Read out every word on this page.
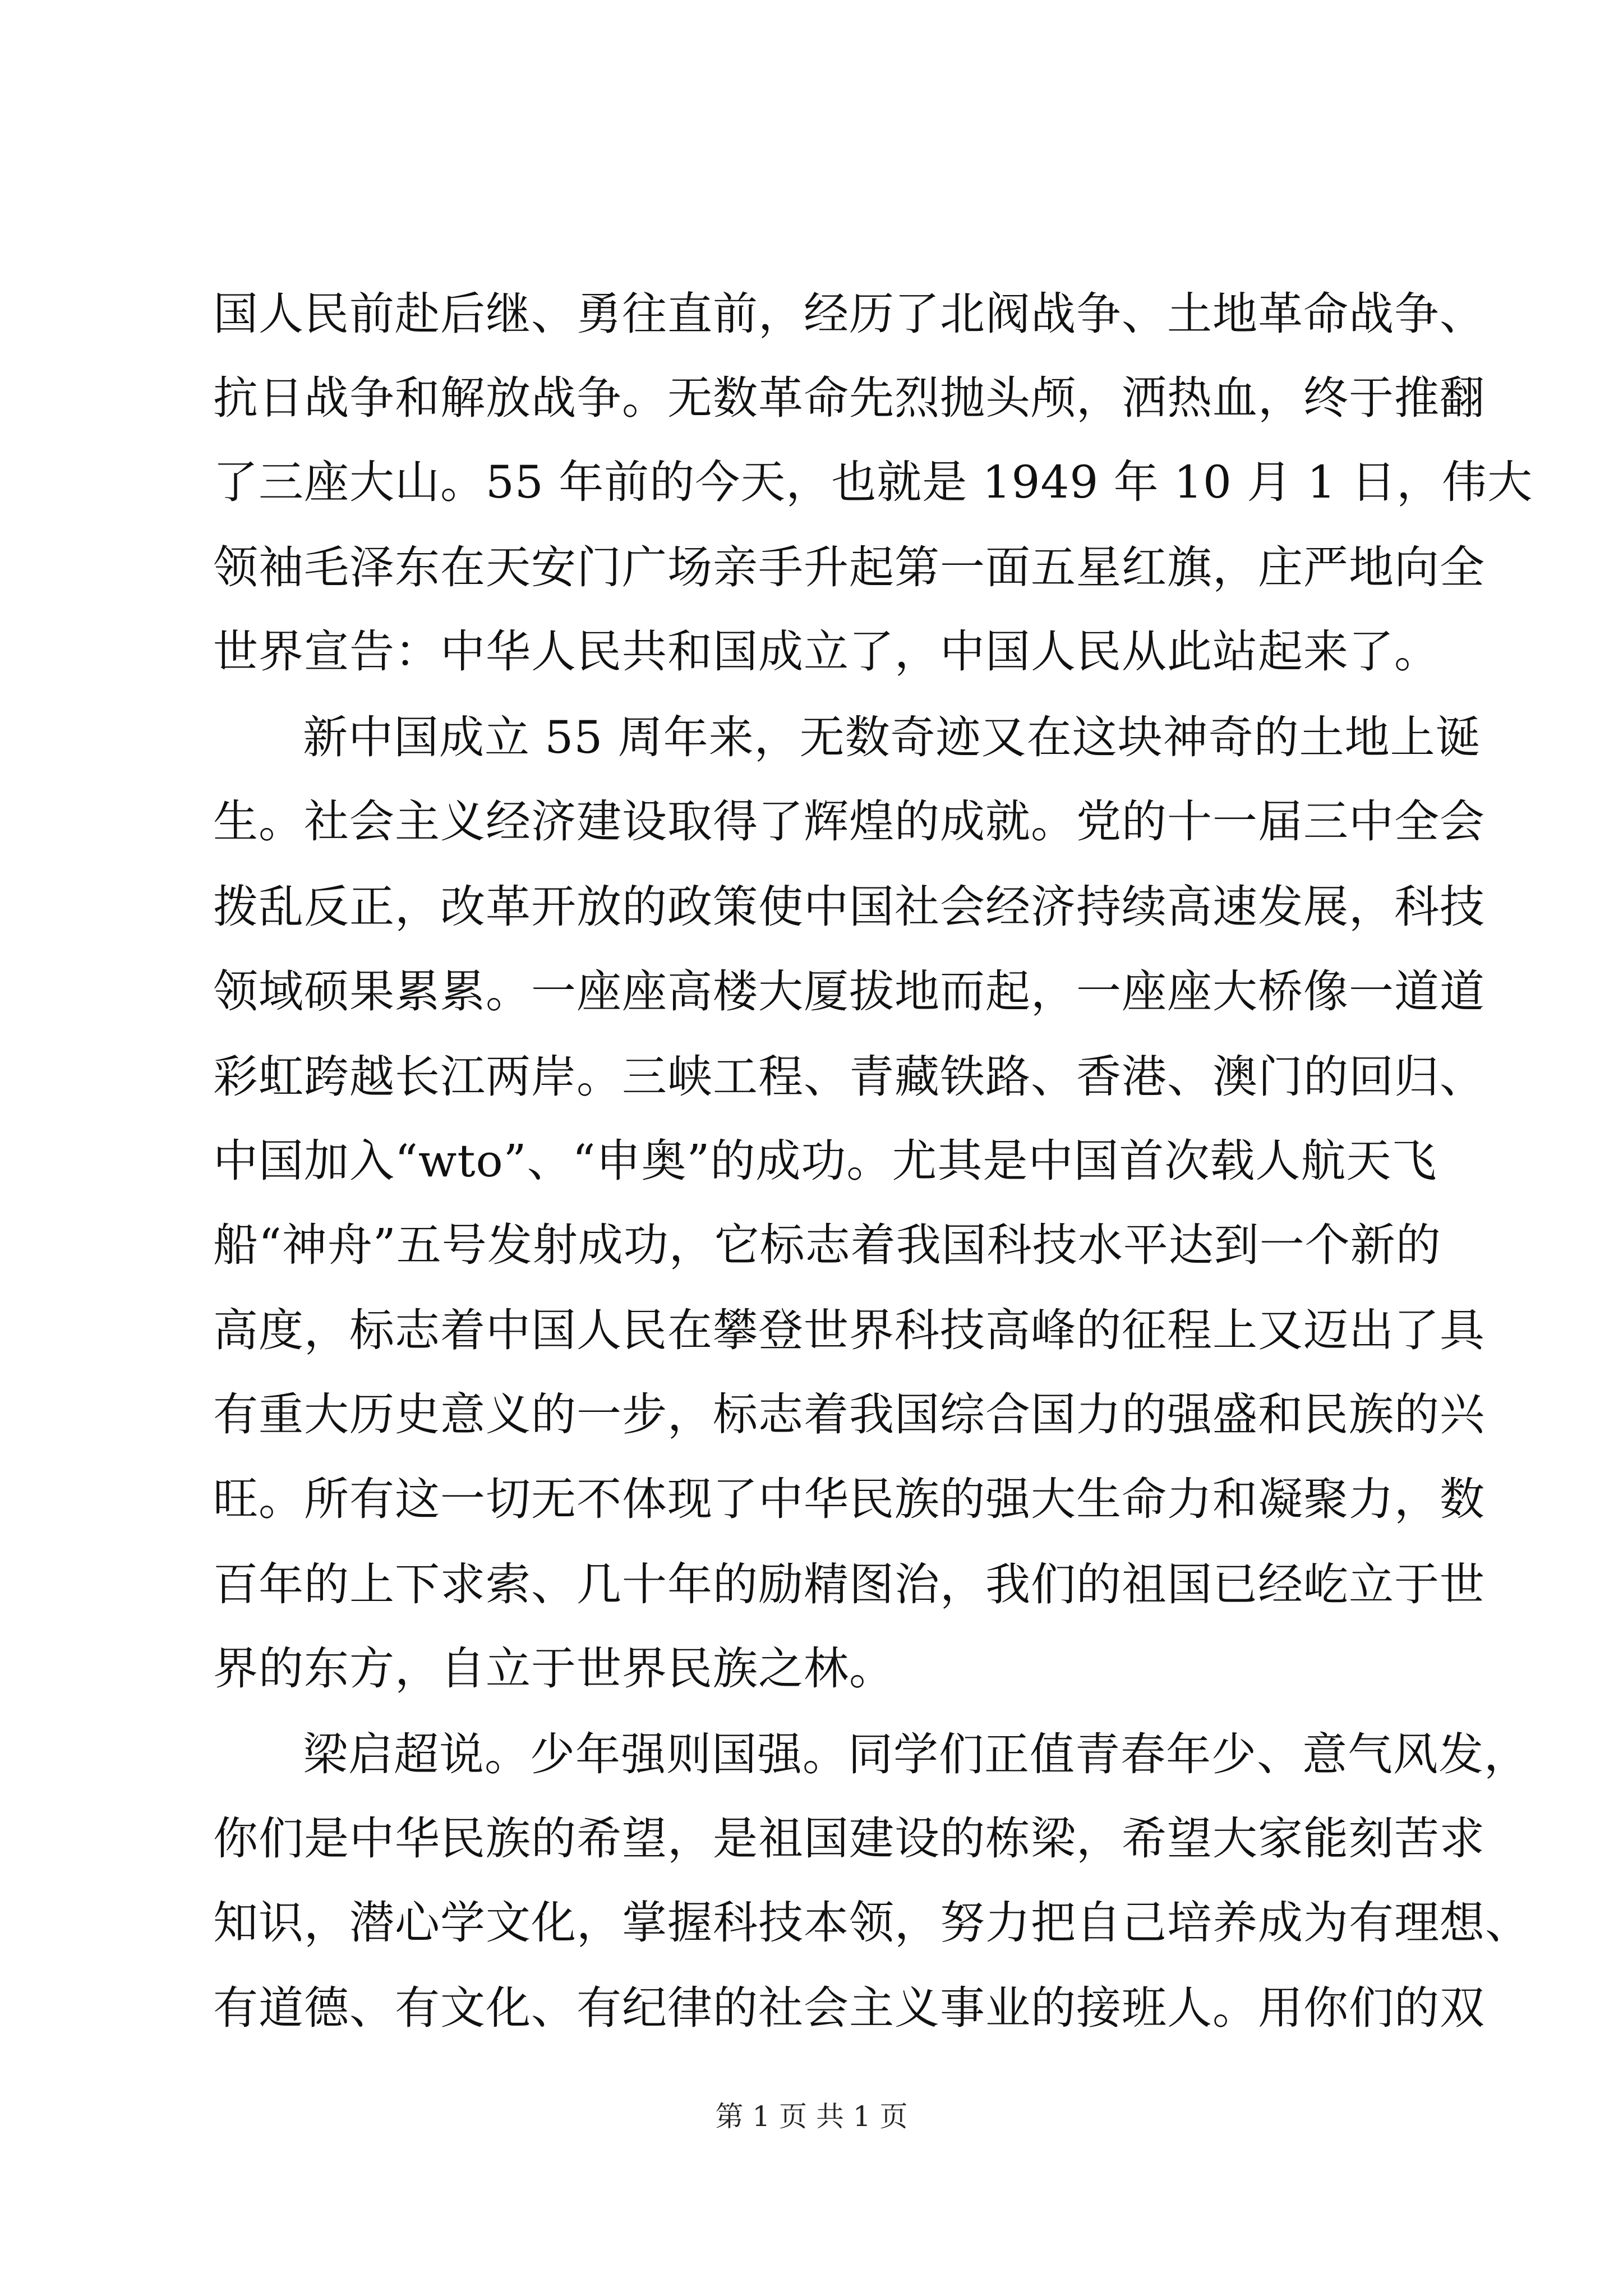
国人民前赴后继、勇往直前，经历了北阀战争、土地革命战争、
抗日战争和解放战争。无数革命先烈抛头颅，洒热血，终于推翻
了三座大山。55 年前的今天，也就是 1949 年 10 月 1 日，伟大
领袖毛泽东在天安门广场亲手升起第一面五星红旗，庄严地向全
世界宣告：中华人民共和国成立了，中国人民从此站起来了。
新中国成立 55 周年来，无数奇迹又在这块神奇的土地上诞
生。社会主义经济建设取得了辉煌的成就。党的十一届三中全会
拨乱反正，改革开放的政策使中国社会经济持续高速发展，科技
领域硕果累累。一座座高楼大厦拔地而起，一座座大桥像一道道
彩虹跨越长江两岸。三峡工程、青藏铁路、香港、澳门的回归、
中国加入“wto”、“申奥”的成功。尤其是中国首次载人航天飞
船“神舟”五号发射成功，它标志着我国科技水平达到一个新的
高度，标志着中国人民在攀登世界科技高峰的征程上又迈出了具
有重大历史意义的一步，标志着我国综合国力的强盛和民族的兴
旺。所有这一切无不体现了中华民族的强大生命力和凝聚力，数
百年的上下求索、几十年的励精图治，我们的祖国已经屹立于世
界的东方，自立于世界民族之林。
梁启超说。少年强则国强。同学们正值青春年少、意气风发，
你们是中华民族的希望，是祖国建设的栋梁，希望大家能刻苦求
知识，潜心学文化，掌握科技本领，努力把自己培养成为有理想、
有道德、有文化、有纪律的社会主义事业的接班人。用你们的双
第 1 页 共 1 页
